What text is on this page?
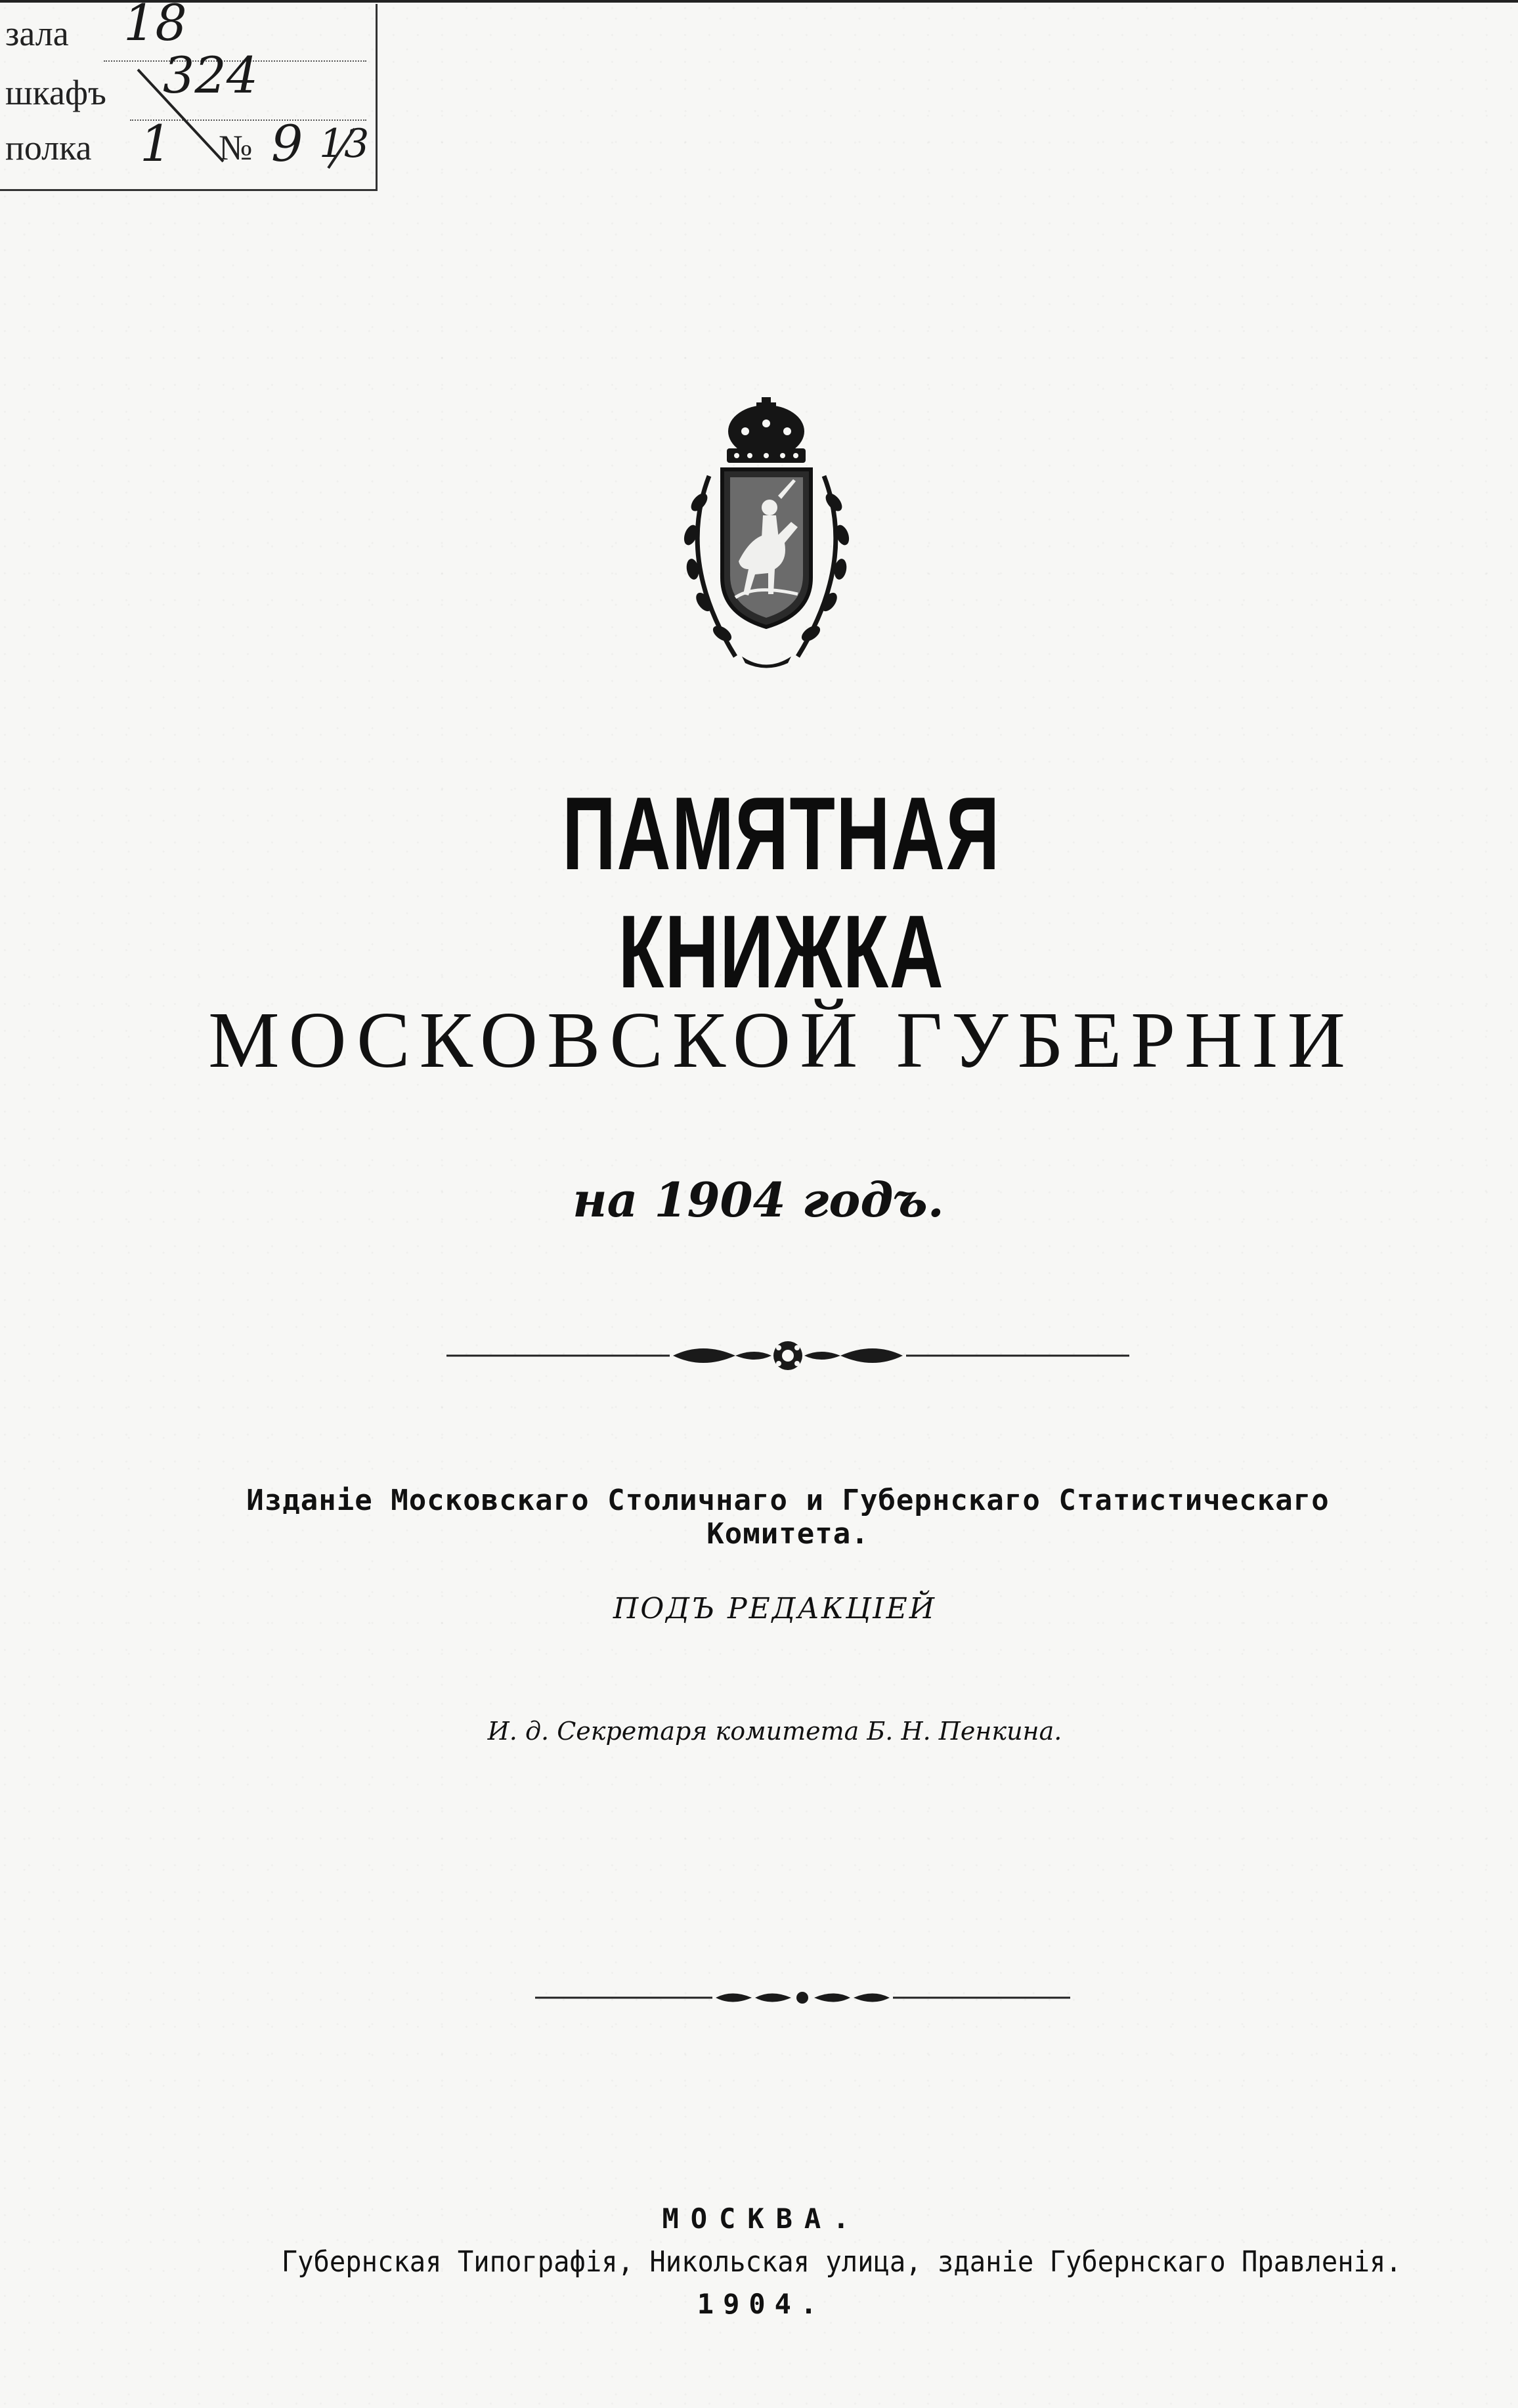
зала 18
шкафъ 324
полка 1 № 9 13
ПАМЯТНАЯ КНИЖКА
МОСКОВСКОЙ ГУБЕРНІИ
на 1904 годъ.
Изданіе Московскаго Столичнаго и Губернскаго Статистическаго Комитета.
ПОДЪ РЕДАКЦІЕЙ
И. д. Секретаря комитета Б. Н. Пенкина.
МОСКВА.
Губернская Типографія, Никольская улица, зданіе Губернскаго Правленія.
1904.
